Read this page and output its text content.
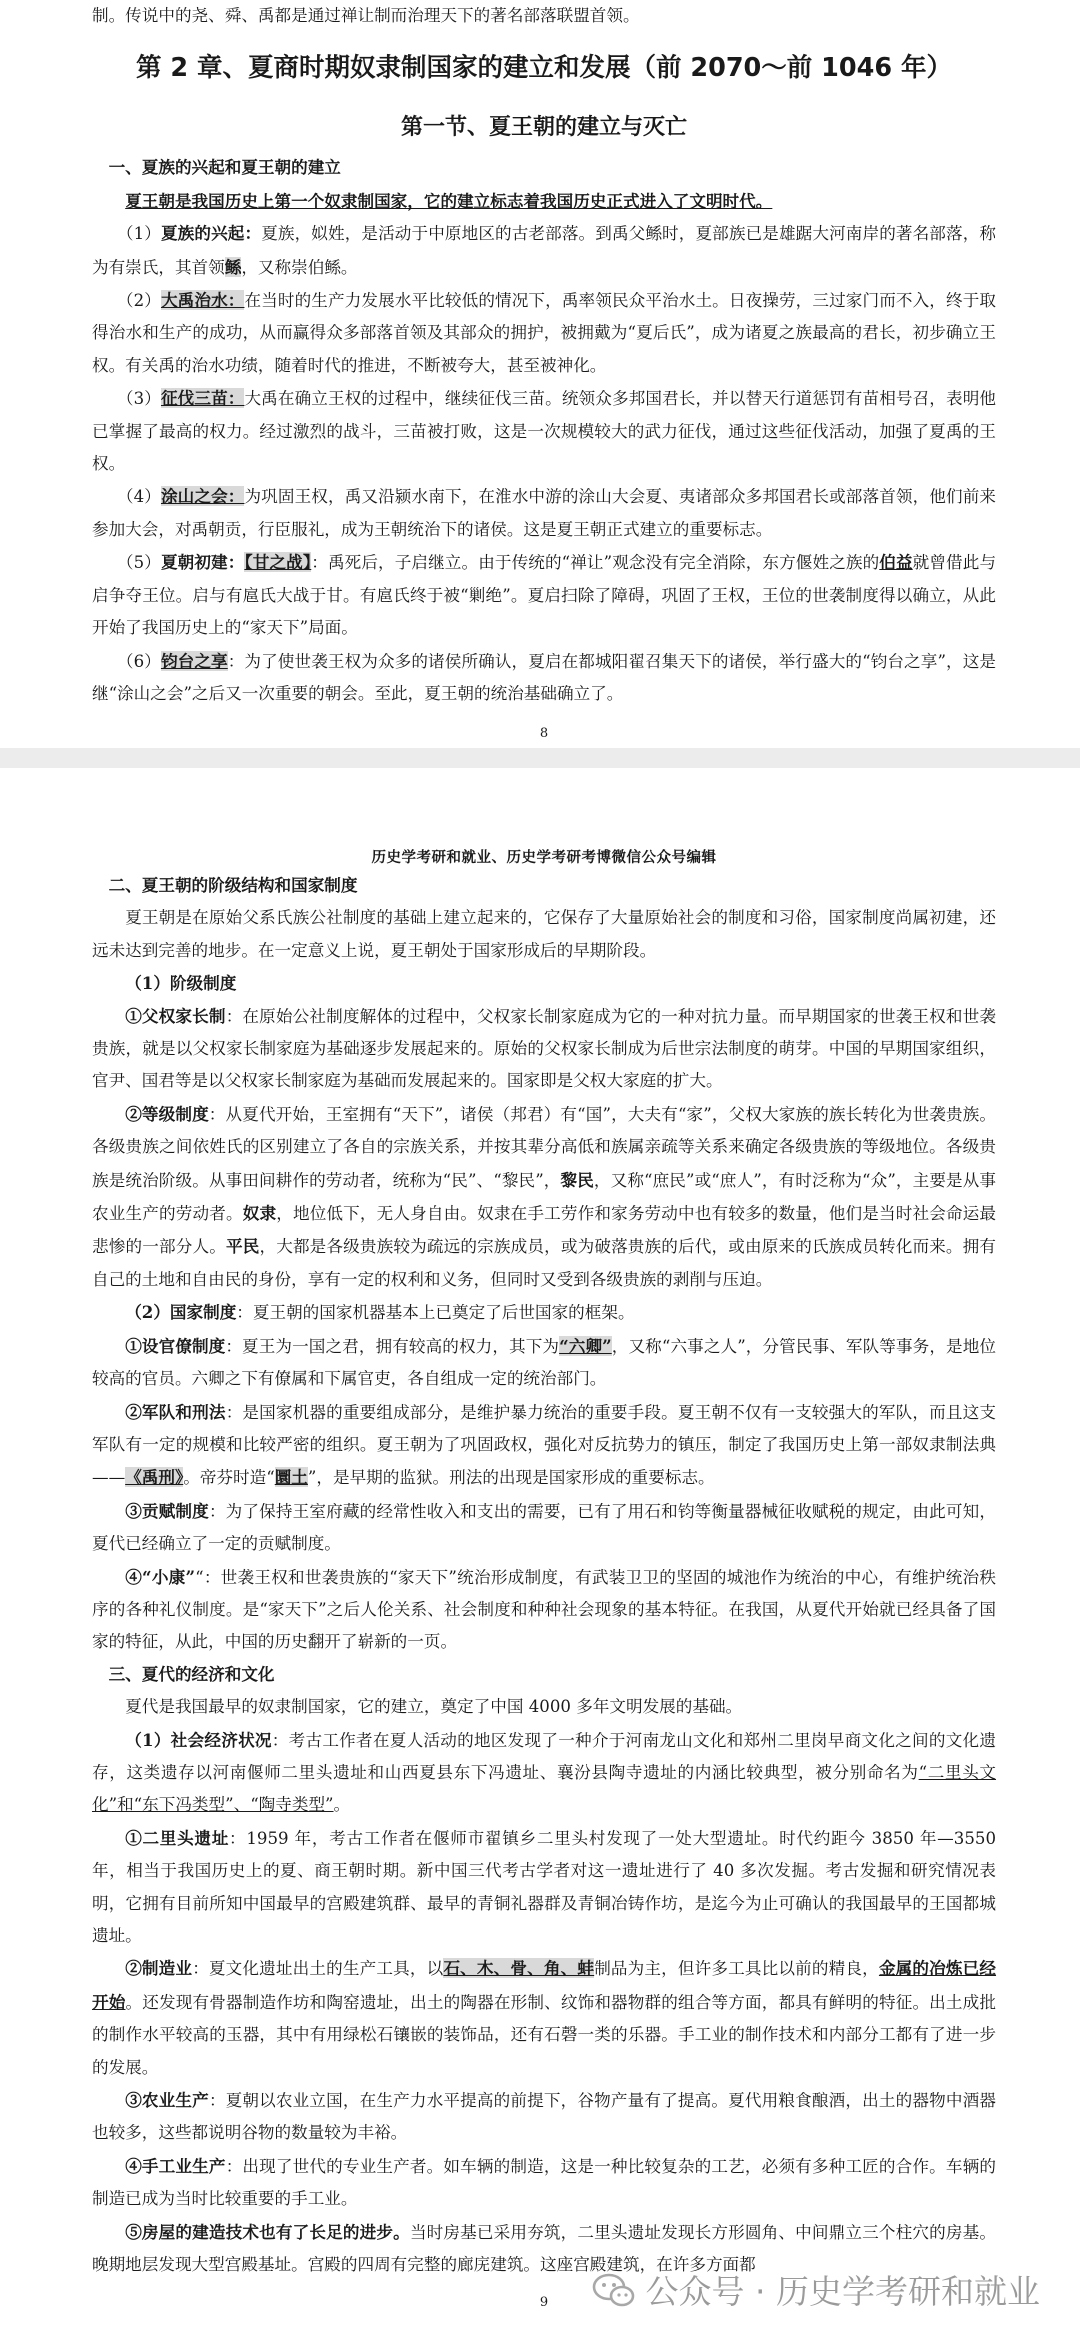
制。传说中的尧、舜、禹都是通过禅让制而治理天下的著名部落联盟首领。

第 2 章、夏商时期奴隶制国家的建立和发展（前 2070～前 1046 年）

第一节、夏王朝的建立与灭亡

一、夏族的兴起和夏王朝的建立

夏王朝是我国历史上第一个奴隶制国家，它的建立标志着我国历史正式进入了文明时代。

（1）夏族的兴起：夏族，姒姓，是活动于中原地区的古老部落。到禹父鲧时，夏部族已是雄踞大河南岸的著名部落，称为有崇氏，其首领鲧，又称崇伯鲧。

（2）大禹治水：在当时的生产力发展水平比较低的情况下，禹率领民众平治水土。日夜操劳，三过家门而不入，终于取得治水和生产的成功，从而赢得众多部落首领及其部众的拥护，被拥戴为“夏后氏”，成为诸夏之族最高的君长，初步确立王权。有关禹的治水功绩，随着时代的推进，不断被夸大，甚至被神化。

（3）征伐三苗：大禹在确立王权的过程中，继续征伐三苗。统领众多邦国君长，并以替天行道惩罚有苗相号召，表明他已掌握了最高的权力。经过激烈的战斗，三苗被打败，这是一次规模较大的武力征伐，通过这些征伐活动，加强了夏禹的王权。

（4）涂山之会：为巩固王权，禹又沿颍水南下，在淮水中游的涂山大会夏、夷诸部众多邦国君长或部落首领，他们前来参加大会，对禹朝贡，行臣服礼，成为王朝统治下的诸侯。这是夏王朝正式建立的重要标志。

（5）夏朝初建：【甘之战】：禹死后，子启继立。由于传统的“禅让”观念没有完全消除，东方偃姓之族的伯益就曾借此与启争夺王位。启与有扈氏大战于甘。有扈氏终于被“剿绝”。夏启扫除了障碍，巩固了王权，王位的世袭制度得以确立，从此开始了我国历史上的“家天下”局面。

（6）钧台之享：为了使世袭王权为众多的诸侯所确认，夏启在都城阳翟召集天下的诸侯，举行盛大的“钧台之享”，这是继“涂山之会”之后又一次重要的朝会。至此，夏王朝的统治基础确立了。

8

历史学考研和就业、历史学考研考博微信公众号编辑

二、夏王朝的阶级结构和国家制度

夏王朝是在原始父系氏族公社制度的基础上建立起来的，它保存了大量原始社会的制度和习俗，国家制度尚属初建，还远未达到完善的地步。在一定意义上说，夏王朝处于国家形成后的早期阶段。

（1）阶级制度

①父权家长制：在原始公社制度解体的过程中，父权家长制家庭成为它的一种对抗力量。而早期国家的世袭王权和世袭贵族，就是以父权家长制家庭为基础逐步发展起来的。原始的父权家长制成为后世宗法制度的萌芽。中国的早期国家组织，官尹、国君等是以父权家长制家庭为基础而发展起来的。国家即是父权大家庭的扩大。

②等级制度：从夏代开始，王室拥有“天下”，诸侯（邦君）有“国”，大夫有“家”，父权大家族的族长转化为世袭贵族。各级贵族之间依姓氏的区别建立了各自的宗族关系，并按其辈分高低和族属亲疏等关系来确定各级贵族的等级地位。各级贵族是统治阶级。从事田间耕作的劳动者，统称为“民”、“黎民”，黎民，又称“庶民”或“庶人”，有时泛称为“众”，主要是从事农业生产的劳动者。奴隶，地位低下，无人身自由。奴隶在手工劳作和家务劳动中也有较多的数量，他们是当时社会命运最悲惨的一部分人。平民，大都是各级贵族较为疏远的宗族成员，或为破落贵族的后代，或由原来的氏族成员转化而来。拥有自己的土地和自由民的身份，享有一定的权利和义务，但同时又受到各级贵族的剥削与压迫。

（2）国家制度：夏王朝的国家机器基本上已奠定了后世国家的框架。

①设官僚制度：夏王为一国之君，拥有较高的权力，其下为“六卿”，又称“六事之人”，分管民事、军队等事务，是地位较高的官员。六卿之下有僚属和下属官吏，各自组成一定的统治部门。

②军队和刑法：是国家机器的重要组成部分，是维护暴力统治的重要手段。夏王朝不仅有一支较强大的军队，而且这支军队有一定的规模和比较严密的组织。夏王朝为了巩固政权，强化对反抗势力的镇压，制定了我国历史上第一部奴隶制法典——《禹刑》。帝芬时造“圜土”，是早期的监狱。刑法的出现是国家形成的重要标志。

③贡赋制度：为了保持王室府藏的经常性收入和支出的需要，已有了用石和钧等衡量器械征收赋税的规定，由此可知，夏代已经确立了一定的贡赋制度。

④“小康”“：世袭王权和世袭贵族的“家天下”统治形成制度，有武装卫卫的坚固的城池作为统治的中心，有维护统治秩序的各种礼仪制度。是“家天下”之后人伦关系、社会制度和种种社会现象的基本特征。在我国，从夏代开始就已经具备了国家的特征，从此，中国的历史翻开了崭新的一页。

三、夏代的经济和文化

夏代是我国最早的奴隶制国家，它的建立，奠定了中国 4000 多年文明发展的基础。

（1）社会经济状况：考古工作者在夏人活动的地区发现了一种介于河南龙山文化和郑州二里岗早商文化之间的文化遗存，这类遗存以河南偃师二里头遗址和山西夏县东下冯遗址、襄汾县陶寺遗址的内涵比较典型，被分别命名为“二里头文化”和“东下冯类型”、“陶寺类型”。

①二里头遗址：1959 年，考古工作者在偃师市翟镇乡二里头村发现了一处大型遗址。时代约距今 3850 年—3550 年，相当于我国历史上的夏、商王朝时期。新中国三代考古学者对这一遗址进行了 40 多次发掘。考古发掘和研究情况表明，它拥有目前所知中国最早的宫殿建筑群、最早的青铜礼器群及青铜冶铸作坊，是迄今为止可确认的我国最早的王国都城遗址。

②制造业：夏文化遗址出土的生产工具，以石、木、骨、角、蚌制品为主，但许多工具比以前的精良，金属的冶炼已经开始。还发现有骨器制造作坊和陶窑遗址，出土的陶器在形制、纹饰和器物群的组合等方面，都具有鲜明的特征。出土成批的制作水平较高的玉器，其中有用绿松石镶嵌的装饰品，还有石磬一类的乐器。手工业的制作技术和内部分工都有了进一步的发展。

③农业生产：夏朝以农业立国，在生产力水平提高的前提下，谷物产量有了提高。夏代用粮食酿酒，出土的器物中酒器也较多，这些都说明谷物的数量较为丰裕。

④手工业生产：出现了世代的专业生产者。如车辆的制造，这是一种比较复杂的工艺，必须有多种工匠的合作。车辆的制造已成为当时比较重要的手工业。

⑤房屋的建造技术也有了长足的进步。当时房基已采用夯筑，二里头遗址发现长方形圆角、中间鼎立三个柱穴的房基。晚期地层发现大型宫殿基址。宫殿的四周有完整的廊庑建筑。这座宫殿建筑，在许多方面都

9	公众号 · 历史学考研和就业
